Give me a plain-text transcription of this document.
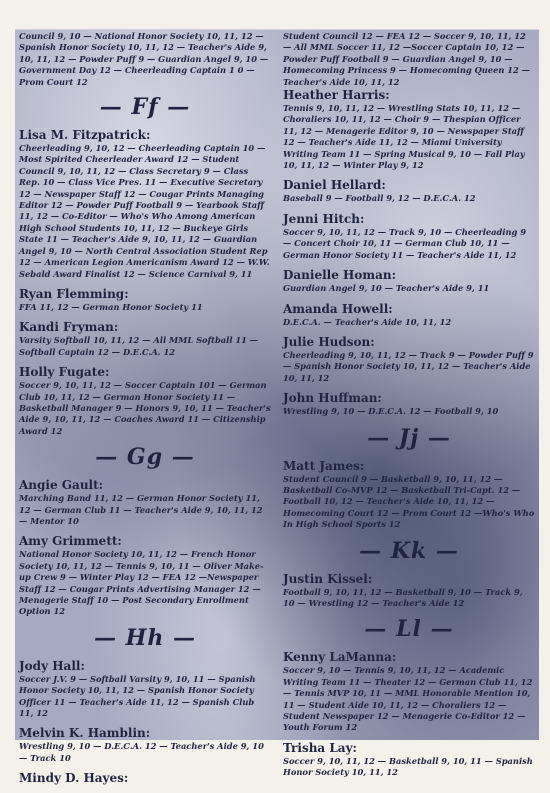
Council 9, 10 — National Honor Society 10, 11, 12 — Spanish Honor Society 10, 11, 12 — Teacher's Aide 9, 10, 11, 12 — Powder Puff 9 — Guardian Angel 9, 10 —Government Day 12 — Cheerleading Captain 1 0 —Prom Court 12

— Ff —

Lisa M. Fitzpatrick:

Cheerleading 9, 10, 12 — Cheerleading Captain 10 — Most Spirited Cheerleader Award 12 — Student Council 9, 10, 11, 12 — Class Secretary 9 — Class Rep. 10 — Class Vice Pres. 11 — Executive Secretary 12 — Newspaper Staff 12 — Cougar Prints Managing Editor 12 — Powder Puff Football 9 — Yearbook Staff 11, 12 — Co-Editor — Who's Who Among American High School Students 10, 11, 12 — Buckeye Girls State 11 — Teacher's Aide 9, 10, 11, 12 — Guardian Angel 9, 10 — North Central Association Student Rep 12 — American Legion Americanism Award 12 — W.W. Sebald Award Finalist 12 — Science Carnival 9, 11

Ryan Flemming:

FFA 11, 12 — German Honor Society 11

Kandi Fryman:

Varsity Softball 10, 11, 12 — All MML Softball 11 — Softball Captain 12 — D.E.C.A. 12

Holly Fugate:

Soccer 9, 10, 11, 12 — Soccer Captain 101 — German Club 10, 11, 12 — German Honor Society 11 — Basketball Manager 9 — Honors 9, 10, 11 — Teacher's Aide 9, 10, 11, 12 — Coaches Award 11 — Citizenship Award 12

— Gg —

Angie Gault:

Marching Band 11, 12 — German Honor Society 11, 12 — German Club 11 — Teacher's Aide 9, 10, 11, 12 — Mentor 10

Amy Grimmett:

National Honor Society 10, 11, 12 — French Honor Society 10, 11, 12 — Tennis 9, 10, 11 — Oliver Make-up Crew 9 — Winter Play 12 — FEA 12 —Newspaper Staff 12 — Cougar Prints Advertising Manager 12 — Menagerie Staff 10 — Post Secondary Enrollment Option 12

— Hh —

Jody Hall:

Soccer J.V. 9 — Softball Varsity 9, 10, 11 — Spanish Honor Society 10, 11, 12 — Spanish Honor Society Officer 11 — Teacher's Aide 11, 12 — Spanish Club 11, 12

Melvin K. Hamblin:

Wrestling 9, 10 — D.E.C.A. 12 — Teacher's Aide 9, 10 — Track 10

Mindy D. Hayes:

Student Council 12 — FEA 12 — Soccer 9, 10, 11, 12 — All MML Soccer 11, 12 —Soccer Captain 10, 12 — Powder Puff Football 9 — Guardian Angel 9, 10 — Homecoming Princess 9 — Homecoming Queen 12 — Teacher's Aide 10, 11, 12

Heather Harris:

Tennis 9, 10, 11, 12 — Wrestling Stats 10, 11, 12 — Choraliers 10, 11, 12 — Choir 9 — Thespian Officer 11, 12 — Menagerie Editor 9, 10 — Newspaper Staff 12 — Teacher's Aide 11, 12 — Miami University Writing Team 11 — Spring Musical 9, 10 — Fall Play 10, 11, 12 — Winter Play 9, 12

Daniel Hellard:

Baseball 9 — Football 9, 12 — D.E.C.A. 12

Jenni Hitch:

Soccer 9, 10, 11, 12 — Track 9, 10 — Cheerleading 9 — Concert Choir 10, 11 — German Club 10, 11 — German Honor Society 11 — Teacher's Aide 11, 12

Danielle Homan:

Guardian Angel 9, 10 — Teacher's Aide 9, 11

Amanda Howell:

D.E.C.A. — Teacher's Aide 10, 11, 12

Julie Hudson:

Cheerleading 9, 10, 11, 12 — Track 9 — Powder Puff 9 — Spanish Honor Society 10, 11, 12 — Teacher's Aide 10, 11, 12

John Huffman:

Wrestling 9, 10 — D.E.C.A. 12 — Football 9, 10

— Jj —

Matt James:

Student Council 9 — Basketball 9, 10, 11, 12 — Basketball Co-MVP 12 — Basketball Tri-Capt. 12 — Football 10, 12 — Teacher's Aide 10, 11, 12 — Homecoming Court 12 — Prom Court 12 —Who's Who In High School Sports 12

— Kk —

Justin Kissel:

Football 9, 10, 11, 12 — Basketball 9, 10 — Track 9, 10 — Wrestling 12 — Teacher's Aide 12

— Ll —

Kenny LaManna:

Soccer 9, 10 — Tennis 9, 10, 11, 12 — Academic Writing Team 11 — Theater 12 — German Club 11, 12 — Tennis MVP 10, 11 — MML Honorable Mention 10, 11 — Student Aide 10, 11, 12 — Choraliers 12 — Student Newspaper 12 — Menagerie Co-Editor 12 — Youth Forum 12

Trisha Lay:

Soccer 9, 10, 11, 12 — Basketball 9, 10, 11 — Spanish Honor Society 10, 11, 12
